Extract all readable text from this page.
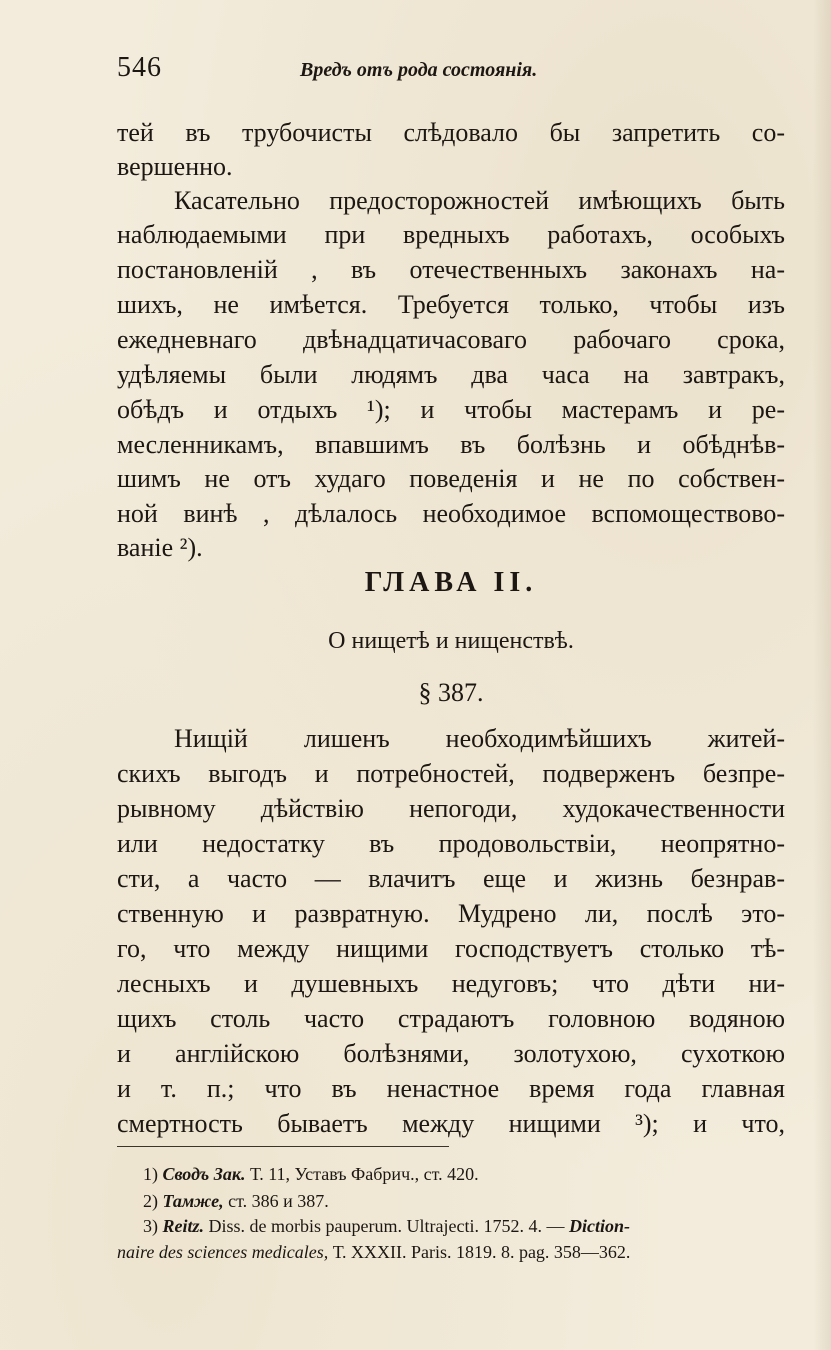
546	Вредъ отъ рода состоянія.
тей въ трубочисты слѣдовало бы запретить со-
вершенно.
Касательно предосторожностей имѣющихъ быть
наблюдаемыми при вредныхъ работахъ, особыхъ
постановленій , въ отечественныхъ законахъ на-
шихъ, не имѣется. Требуется только, чтобы изъ
ежедневнаго двѣнадцатичасоваго рабочаго срока,
удѣляемы были людямъ два часа на завтракъ,
обѣдъ и отдыхъ ¹); и чтобы мастерамъ и ре-
месленникамъ, впавшимъ въ болѣзнь и обѣднѣв-
шимъ не отъ худаго поведенія и не по собствен-
ной винѣ , дѣлалось необходимое вспомоществово-
ваніе ²).
ГЛАВА II.
О нищетѣ и нищенствѣ.
§ 387.
Нищій лишенъ необходимѣйшихъ житей-
скихъ выгодъ и потребностей, подверженъ безпре-
рывному дѣйствію непогоди, худокачественности
или недостатку въ продовольствіи, неопрятно-
сти, а часто — влачитъ еще и жизнь безнрав-
ственную и развратную. Мудрено ли, послѣ это-
го, что между нищими господствуетъ столько тѣ-
лесныхъ и душевныхъ недуговъ; что дѣти ни-
щихъ столь часто страдаютъ головною водяною
и англійскою болѣзнями, золотухою, сухоткою
и т. п.; что въ ненастное время года главная
смертность бываетъ между нищими ³); и что,
1) Сводъ Зак. Т. 11, Уставъ Фабрич., ст. 420.
2) Тамже, ст. 386 и 387.
3) Reitz. Diss. de morbis pauperum. Ultrajecti. 1752. 4. — Diction-
naire des sciences medicales, Т. XXXII. Paris. 1819. 8. pag. 358—362.
